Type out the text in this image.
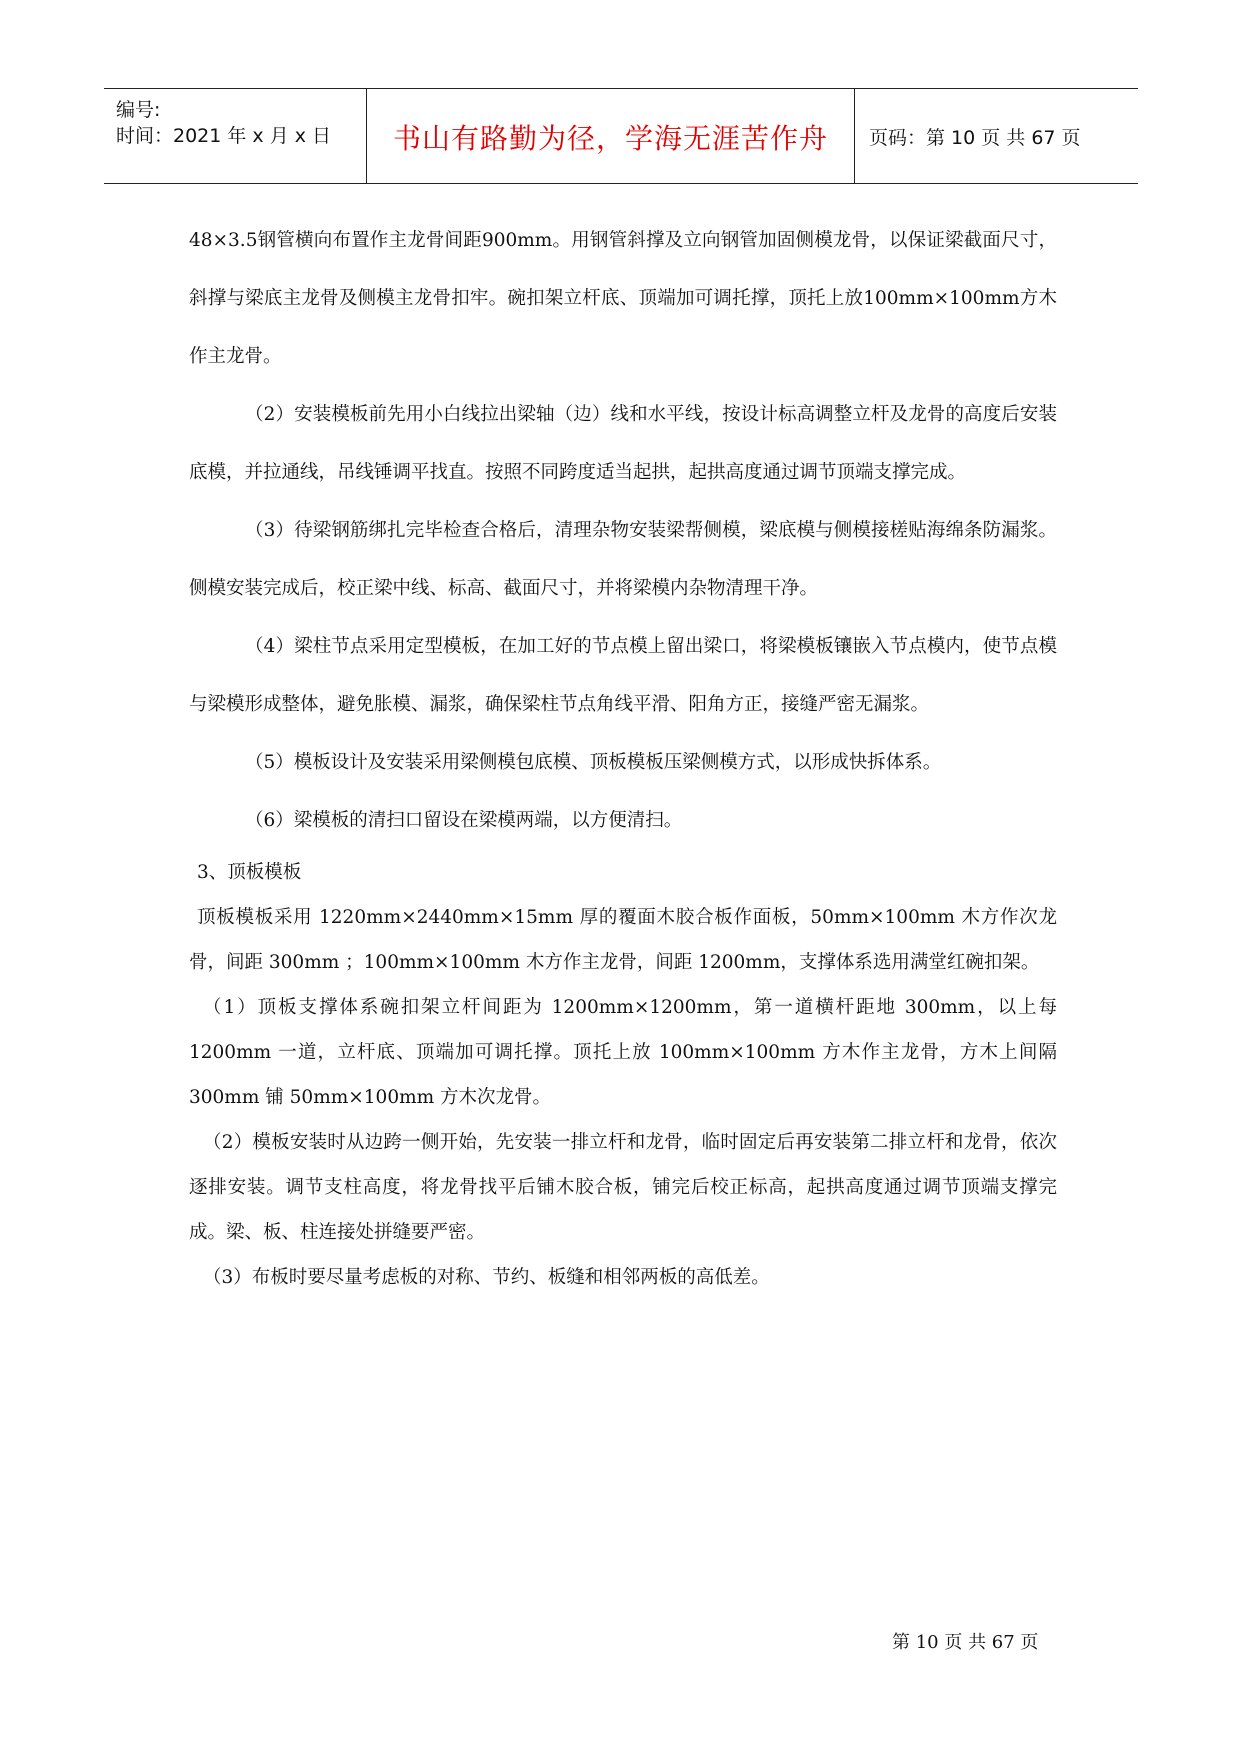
编号:
时间：2021 年 x 月 x 日	书山有路勤为径，学海无涯苦作舟	页码：第 10 页 共 67 页

48×3.5钢管横向布置作主龙骨间距900mm。用钢管斜撑及立向钢管加固侧模龙骨，以保证梁截面尺寸，斜撑与梁底主龙骨及侧模主龙骨扣牢。碗扣架立杆底、顶端加可调托撑，顶托上放100mm×100mm方木作主龙骨。

（2）安装模板前先用小白线拉出梁轴（边）线和水平线，按设计标高调整立杆及龙骨的高度后安装底模，并拉通线，吊线锤调平找直。按照不同跨度适当起拱，起拱高度通过调节顶端支撑完成。

（3）待梁钢筋绑扎完毕检查合格后，清理杂物安装梁帮侧模，梁底模与侧模接槎贴海绵条防漏浆。侧模安装完成后，校正梁中线、标高、截面尺寸，并将梁模内杂物清理干净。

（4）梁柱节点采用定型模板，在加工好的节点模上留出梁口，将梁模板镶嵌入节点模内，使节点模与梁模形成整体，避免胀模、漏浆，确保梁柱节点角线平滑、阳角方正，接缝严密无漏浆。

（5）模板设计及安装采用梁侧模包底模、顶板模板压梁侧模方式，以形成快拆体系。

（6）梁模板的清扫口留设在梁模两端，以方便清扫。

3、顶板模板

顶板模板采用 1220mm×2440mm×15mm 厚的覆面木胶合板作面板，50mm×100mm 木方作次龙骨，间距 300mm ；100mm×100mm 木方作主龙骨，间距 1200mm，支撑体系选用满堂红碗扣架。

（1）顶板支撑体系碗扣架立杆间距为 1200mm×1200mm，第一道横杆距地 300mm，以上每 1200mm 一道，立杆底、顶端加可调托撑。顶托上放 100mm×100mm 方木作主龙骨，方木上间隔 300mm 铺 50mm×100mm 方木次龙骨。

（2）模板安装时从边跨一侧开始，先安装一排立杆和龙骨，临时固定后再安装第二排立杆和龙骨，依次逐排安装。调节支柱高度，将龙骨找平后铺木胶合板，铺完后校正标高，起拱高度通过调节顶端支撑完成。梁、板、柱连接处拼缝要严密。

（3）布板时要尽量考虑板的对称、节约、板缝和相邻两板的高低差。

第 10 页 共 67 页
